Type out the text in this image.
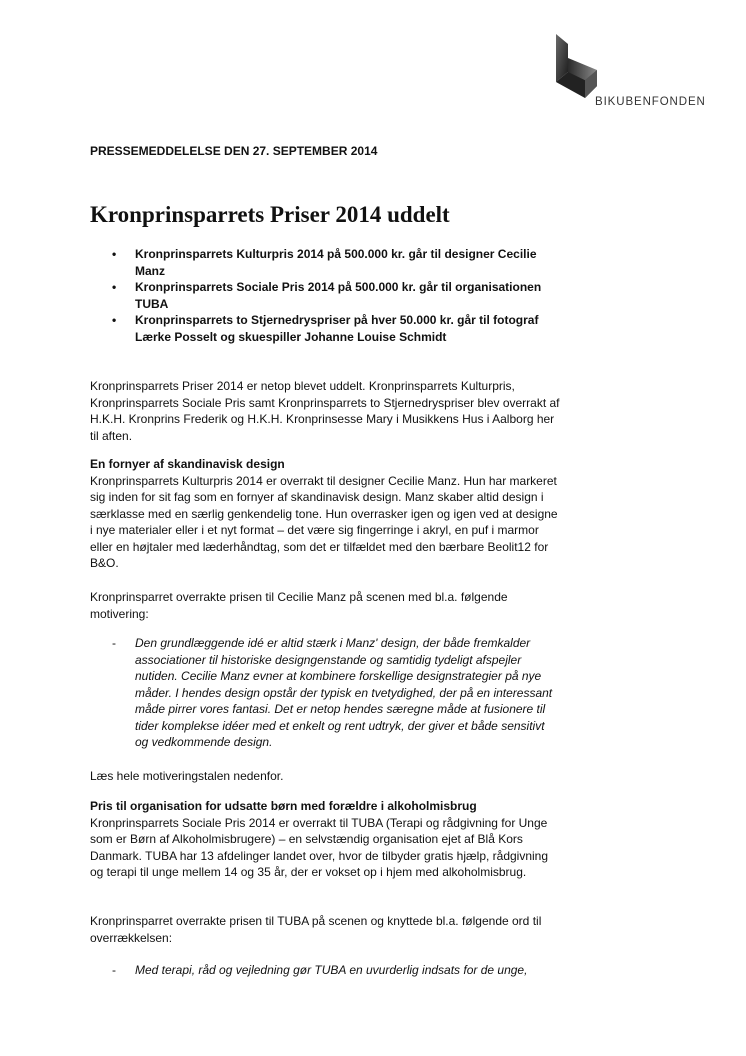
BIKUBENFONDEN
PRESSEMEDDELELSE DEN 27. SEPTEMBER 2014
Kronprinsparrets Priser 2014 uddelt
• Kronprinsparrets Kulturpris 2014 på 500.000 kr. går til designer Cecilie Manz
• Kronprinsparrets Sociale Pris 2014 på 500.000 kr. går til organisationen TUBA
• Kronprinsparrets to Stjernedryspriser på hver 50.000 kr. går til fotograf Lærke Posselt og skuespiller Johanne Louise Schmidt

Kronprinsparrets Priser 2014 er netop blevet uddelt. Kronprinsparrets Kulturpris, Kronprinsparrets Sociale Pris samt Kronprinsparrets to Stjernedryspriser blev overrakt af H.K.H. Kronprins Frederik og H.K.H. Kronprinsesse Mary i Musikkens Hus i Aalborg her til aften.

En fornyer af skandinavisk design
Kronprinsparrets Kulturpris 2014 er overrakt til designer Cecilie Manz. Hun har markeret sig inden for sit fag som en fornyer af skandinavisk design. Manz skaber altid design i særklasse med en særlig genkendelig tone. Hun overrasker igen og igen ved at designe i nye materialer eller i et nyt format – det være sig fingerringe i akryl, en puf i marmor eller en højtaler med læderhåndtag, som det er tilfældet med den bærbare Beolit12 for B&O.

Kronprinsparret overrakte prisen til Cecilie Manz på scenen med bl.a. følgende motivering:

-	Den grundlæggende idé er altid stærk i Manz' design, der både fremkalder associationer til historiske designgenstande og samtidig tydeligt afspejler nutiden. Cecilie Manz evner at kombinere forskellige designstrategier på nye måder. I hendes design opstår der typisk en tvetydighed, der på en interessant måde pirrer vores fantasi. Det er netop hendes særegne måde at fusionere til tider komplekse idéer med et enkelt og rent udtryk, der giver et både sensitivt og vedkommende design.

Læs hele motiveringstalen nedenfor.

Pris til organisation for udsatte børn med forældre i alkoholmisbrug
Kronprinsparrets Sociale Pris 2014 er overrakt til TUBA (Terapi og rådgivning for Unge som er Børn af Alkoholmisbrugere) – en selvstændig organisation ejet af Blå Kors Danmark. TUBA har 13 afdelinger landet over, hvor de tilbyder gratis hjælp, rådgivning og terapi til unge mellem 14 og 35 år, der er vokset op i hjem med alkoholmisbrug.

Kronprinsparret overrakte prisen til TUBA på scenen og knyttede bl.a. følgende ord til overrækkelsen:

-	Med terapi, råd og vejledning gør TUBA en uvurderlig indsats for de unge,
